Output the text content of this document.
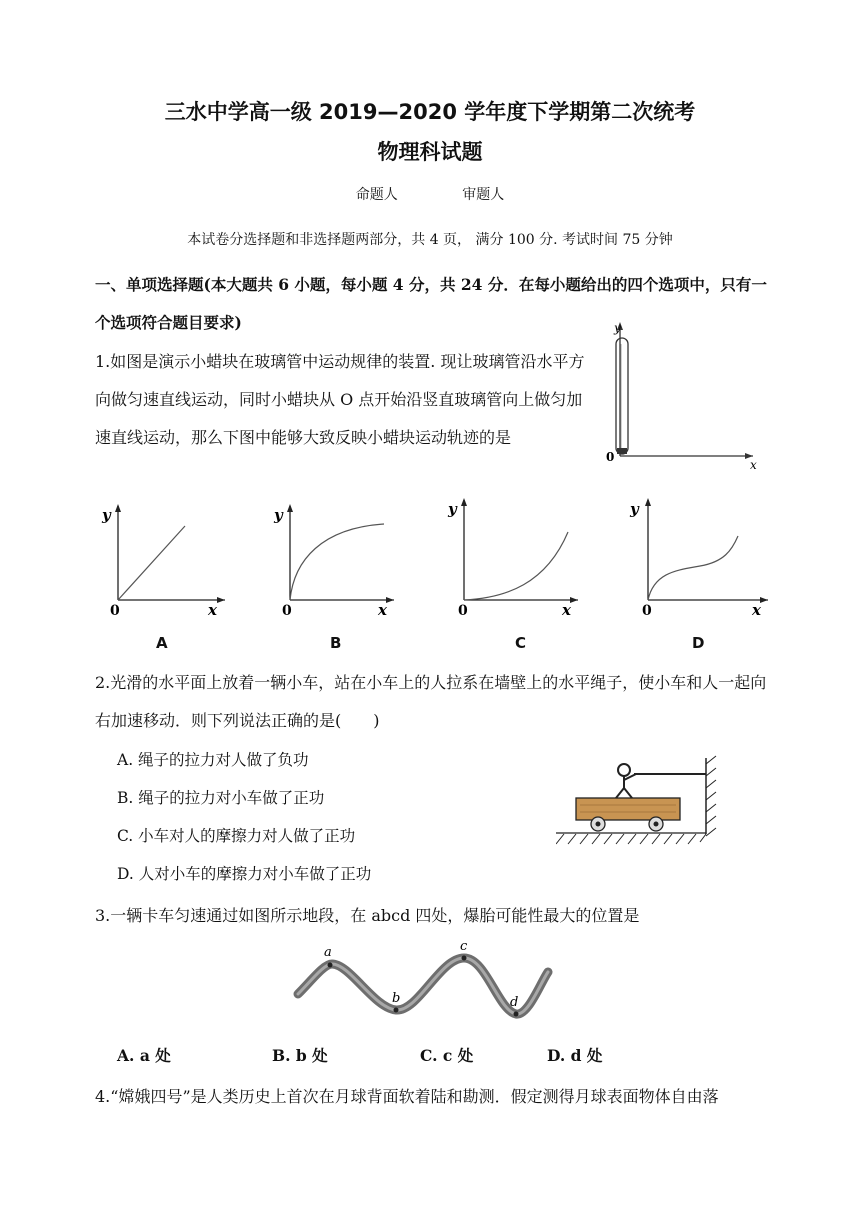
三水中学高一级 2019—2020 学年度下学期第二次统考
物理科试题
命题人	审题人
本试卷分选择题和非选择题两部分，共 4 页， 满分 100 分. 考试时间 75 分钟
一、单项选择题(本大题共 6 小题，每小题 4 分，共 24 分．在每小题给出的四个选项中，只有一个选项符合题目要求)
1.如图是演示小蜡块在玻璃管中运动规律的装置. 现让玻璃管沿水平方向做匀速直线运动，同时小蜡块从 O 点开始沿竖直玻璃管向上做匀加速直线运动，那么下图中能够大致反映小蜡块运动轨迹的是
y
0
x
y
0	x
y
0	x
y
0	x
y
0	x
A	B	C	D
2.光滑的水平面上放着一辆小车，站在小车上的人拉系在墙壁上的水平绳子，使小车和人一起向右加速移动．则下列说法正确的是(　　)
A. 绳子的拉力对人做了负功
B. 绳子的拉力对小车做了正功
C. 小车对人的摩擦力对人做了正功
D. 人对小车的摩擦力对小车做了正功
3.一辆卡车匀速通过如图所示地段，在 abcd 四处，爆胎可能性最大的位置是
a
b
c
d
A. a 处	B. b 处	C. c 处	D. d 处
4.“嫦娥四号”是人类历史上首次在月球背面软着陆和勘测．假定测得月球表面物体自由落
